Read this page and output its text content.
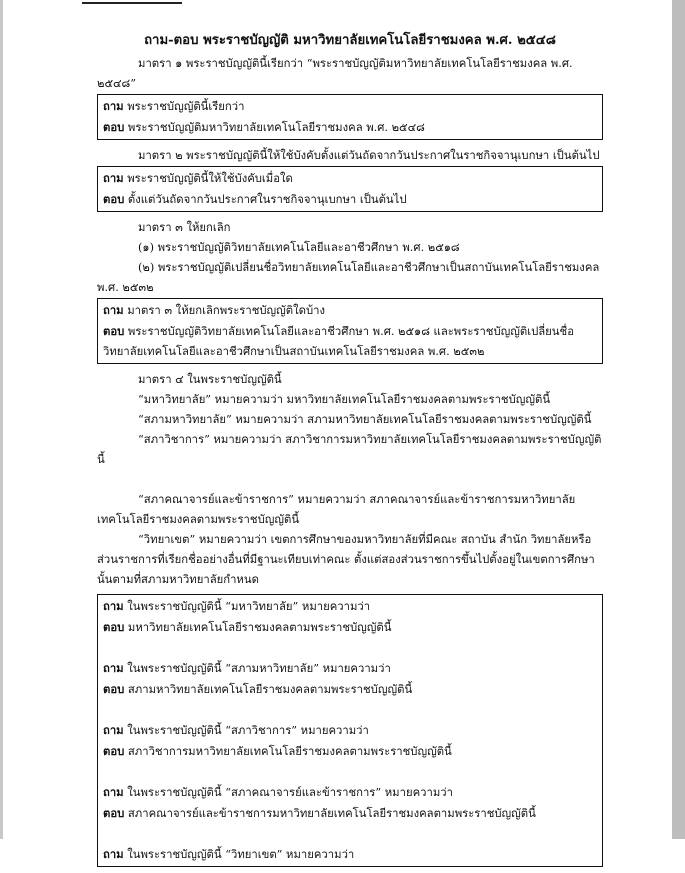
ถาม-ตอบ พระราชบัญญัติ มหาวิทยาลัยเทคโนโลยีราชมงคล พ.ศ. ๒๕๔๘

มาตรา ๑ พระราชบัญญัตินี้เรียกว่า “พระราชบัญญัติมหาวิทยาลัยเทคโนโลยีราชมงคล พ.ศ.

๒๕๔๘”

ถาม พระราชบัญญัตินี้เรียกว่า

ตอบ พระราชบัญญัติมหาวิทยาลัยเทคโนโลยีราชมงคล พ.ศ. ๒๕๔๘

มาตรา ๒ พระราชบัญญัตินี้ให้ใช้บังคับตั้งแต่วันถัดจากวันประกาศในราชกิจจานุเบกษา เป็นต้นไป

ถาม พระราชบัญญัตินี้ให้ใช้บังคับเมื่อใด

ตอบ ตั้งแต่วันถัดจากวันประกาศในราชกิจจานุเบกษา เป็นต้นไป

มาตรา ๓ ให้ยกเลิก

(๑) พระราชบัญญัติวิทยาลัยเทคโนโลยีและอาชีวศึกษา พ.ศ. ๒๕๑๘

(๒) พระราชบัญญัติเปลี่ยนชื่อวิทยาลัยเทคโนโลยีและอาชีวศึกษาเป็นสถาบันเทคโนโลยีราชมงคล

พ.ศ. ๒๕๓๒

ถาม มาตรา ๓ ให้ยกเลิกพระราชบัญญัติใดบ้าง

ตอบ พระราชบัญญัติวิทยาลัยเทคโนโลยีและอาชีวศึกษา พ.ศ. ๒๕๑๘ และพระราชบัญญัติเปลี่ยนชื่อ

วิทยาลัยเทคโนโลยีและอาชีวศึกษาเป็นสถาบันเทคโนโลยีราชมงคล พ.ศ. ๒๕๓๒

มาตรา ๔ ในพระราชบัญญัตินี้

“มหาวิทยาลัย” หมายความว่า มหาวิทยาลัยเทคโนโลยีราชมงคลตามพระราชบัญญัตินี้

“สภามหาวิทยาลัย” หมายความว่า สภามหาวิทยาลัยเทคโนโลยีราชมงคลตามพระราชบัญญัตินี้

“สภาวิชาการ” หมายความว่า สภาวิชาการมหาวิทยาลัยเทคโนโลยีราชมงคลตามพระราชบัญญัติ

นี้

“สภาคณาจารย์และข้าราชการ” หมายความว่า สภาคณาจารย์และข้าราชการมหาวิทยาลัย

เทคโนโลยีราชมงคลตามพระราชบัญญัตินี้

“วิทยาเขต” หมายความว่า เขตการศึกษาของมหาวิทยาลัยที่มีคณะ สถาบัน สำนัก วิทยาลัยหรือ

ส่วนราชการที่เรียกชื่ออย่างอื่นที่มีฐานะเทียบเท่าคณะ ตั้งแต่สองส่วนราชการขึ้นไปตั้งอยู่ในเขตการศึกษา

นั้นตามที่สภามหาวิทยาลัยกำหนด

ถาม ในพระราชบัญญัตินี้ “มหาวิทยาลัย” หมายความว่า

ตอบ มหาวิทยาลัยเทคโนโลยีราชมงคลตามพระราชบัญญัตินี้

ถาม ในพระราชบัญญัตินี้ “สภามหาวิทยาลัย” หมายความว่า

ตอบ สภามหาวิทยาลัยเทคโนโลยีราชมงคลตามพระราชบัญญัตินี้

ถาม ในพระราชบัญญัตินี้ “สภาวิชาการ” หมายความว่า

ตอบ สภาวิชาการมหาวิทยาลัยเทคโนโลยีราชมงคลตามพระราชบัญญัตินี้

ถาม ในพระราชบัญญัตินี้ “สภาคณาจารย์และข้าราชการ” หมายความว่า

ตอบ สภาคณาจารย์และข้าราชการมหาวิทยาลัยเทคโนโลยีราชมงคลตามพระราชบัญญัตินี้

ถาม ในพระราชบัญญัตินี้ “วิทยาเขต” หมายความว่า
